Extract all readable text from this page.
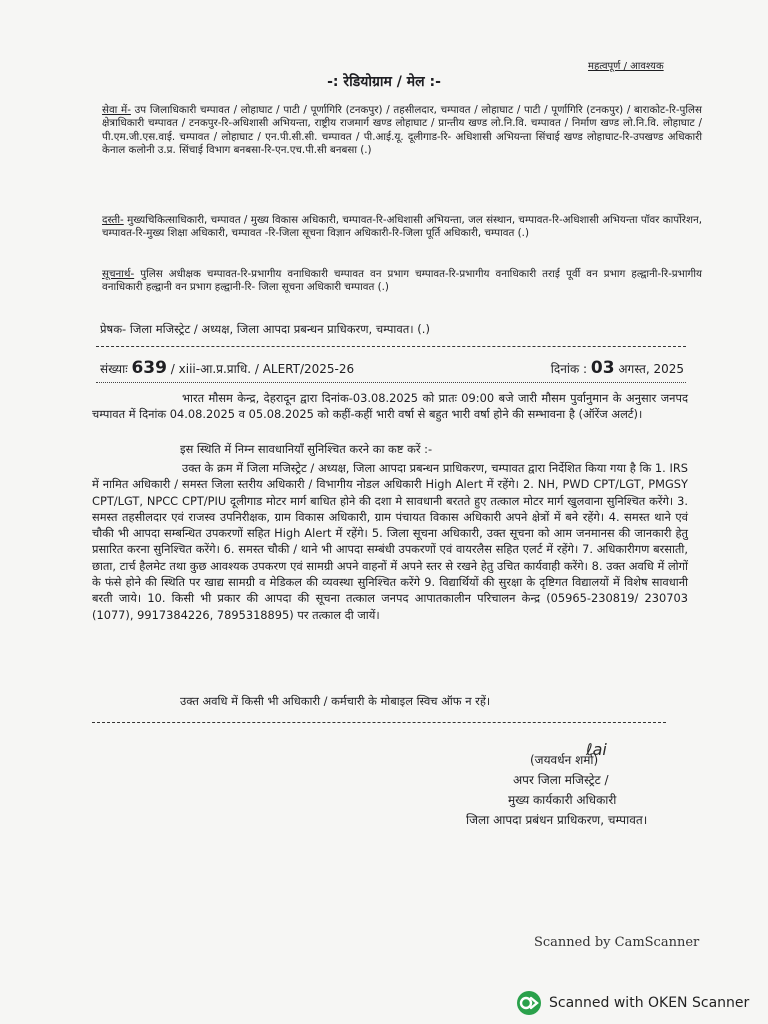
महत्वपूर्ण / आवश्यक
-: रेडियोग्राम / मेल :-
सेवा में- उप जिलाधिकारी चम्पावत / लोहाघाट / पाटी / पूर्णागिरि (टनकपुर) / तहसीलदार, चम्पावत / लोहाघाट / पाटी / पूर्णागिरि (टनकपुर) / बाराकोट-रि-पुलिस क्षेत्राधिकारी चम्पावत / टनकपुर-रि-अधिशासी अभियन्ता, राष्ट्रीय राजमार्ग खण्ड लोहाघाट / प्रान्तीय खण्ड लो.नि.वि. चम्पावत / निर्माण खण्ड लो.नि.वि. लोहाघाट / पी.एम.जी.एस.वाई. चम्पावत / लोहाघाट / एन.पी.सी.सी. चम्पावत / पी.आई.यू. दूलीगाड-रि- अधिशासी अभियन्ता सिंचाई खण्ड लोहाघाट-रि-उपखण्ड अधिकारी केनाल कलोनी उ.प्र. सिंचाई विभाग बनबसा-रि-एन.एच.पी.सी बनबसा (.)
दस्ती- मुख्यचिकित्साधिकारी, चम्पावत / मुख्य विकास अधिकारी, चम्पावत-रि-अधिशासी अभियन्ता, जल संस्थान, चम्पावत-रि-अधिशासी अभियन्ता पॉवर कार्पोरेशन, चम्पावत-रि-मुख्य शिक्षा अधिकारी, चम्पावत -रि-जिला सूचना विज्ञान अधिकारी-रि-जिला पूर्ति अधिकारी, चम्पावत (.)
सूचनार्थ- पुलिस अधीक्षक चम्पावत-रि-प्रभागीय वनाधिकारी चम्पावत वन प्रभाग चम्पावत-रि-प्रभागीय वनाधिकारी तराई पूर्वी वन प्रभाग हल्द्वानी-रि-प्रभागीय वनाधिकारी हल्द्वानी वन प्रभाग हल्द्वानी-रि- जिला सूचना अधिकारी चम्पावत (.)
प्रेषक- जिला मजिस्ट्रेट / अध्यक्ष, जिला आपदा प्रबन्धन प्राधिकरण, चम्पावत। (.)
संख्याः 639 / xiii-आ.प्र.प्राधि. / ALERT/2025-26	दिनांक : 03 अगस्त, 2025

भारत मौसम केन्द्र, देहरादून द्वारा दिनांक-03.08.2025 को प्रातः 09:00 बजे जारी मौसम पुर्वानुमान के अनुसार जनपद चम्पावत में दिनांक 04.08.2025 व 05.08.2025 को कहीं-कहीं भारी वर्षा से बहुत भारी वर्षा होने की सम्भावना है (ऑरेंज अलर्ट)।

इस स्थिति में निम्न सावधानियाँ सुनिश्चित करने का कष्ट करें :-

उक्त के क्रम में जिला मजिस्ट्रेट / अध्यक्ष, जिला आपदा प्रबन्धन प्राधिकरण, चम्पावत द्वारा निर्देशित किया गया है कि 1. IRS में नामित अधिकारी / समस्त जिला स्तरीय अधिकारी / विभागीय नोडल अधिकारी High Alert में रहेंगे। 2. NH, PWD CPT/LGT, PMGSY CPT/LGT, NPCC CPT/PIU दूलीगाड मोटर मार्ग बाधित होने की दशा मे सावधानी बरतते हुए तत्काल मोटर मार्ग खुलवाना सुनिश्चित करेंगे। 3. समस्त तहसीलदार एवं राजस्व उपनिरीक्षक, ग्राम विकास अधिकारी, ग्राम पंचायत विकास अधिकारी अपने क्षेत्रों में बने रहेंगे। 4. समस्त थाने एवं चौकी भी आपदा सम्बन्धित उपकरणों सहित High Alert में रहेंगे। 5. जिला सूचना अधिकारी, उक्त सूचना को आम जनमानस की जानकारी हेतु प्रसारित करना सुनिश्चित करेंगे। 6. समस्त चौकी / थाने भी आपदा सम्बंधी उपकरणों एवं वायरलैस सहित एलर्ट में रहेंगे। 7. अधिकारीगण बरसाती, छाता, टार्च हैलमेट तथा कुछ आवश्यक उपकरण एवं सामग्री अपने वाहनों में अपने स्तर से रखने हेतु उचित कार्यवाही करेंगे। 8. उक्त अवधि में लोगों के फंसे होने की स्थिति पर खाद्य सामग्री व मेडिकल की व्यवस्था सुनिश्चित करेंगे 9. विद्यार्थियों की सुरक्षा के दृष्टिगत विद्यालयों में विशेष सावधानी बरती जाये। 10. किसी भी प्रकार की आपदा की सूचना तत्काल जनपद आपातकालीन परिचालन केन्द्र (05965-230819/ 230703 (1077), 9917384226, 7895318895) पर तत्काल दी जायें।

उक्त अवधि में किसी भी अधिकारी / कर्मचारी के मोबाइल स्विच ऑफ न रहें।
ℓai
(जयवर्धन शर्मा)
अपर जिला मजिस्ट्रेट /
मुख्य कार्यकारी अधिकारी
जिला आपदा प्रबंधन प्राधिकरण, चम्पावत।
Scanned by CamScanner
Scanned with OKEN Scanner
